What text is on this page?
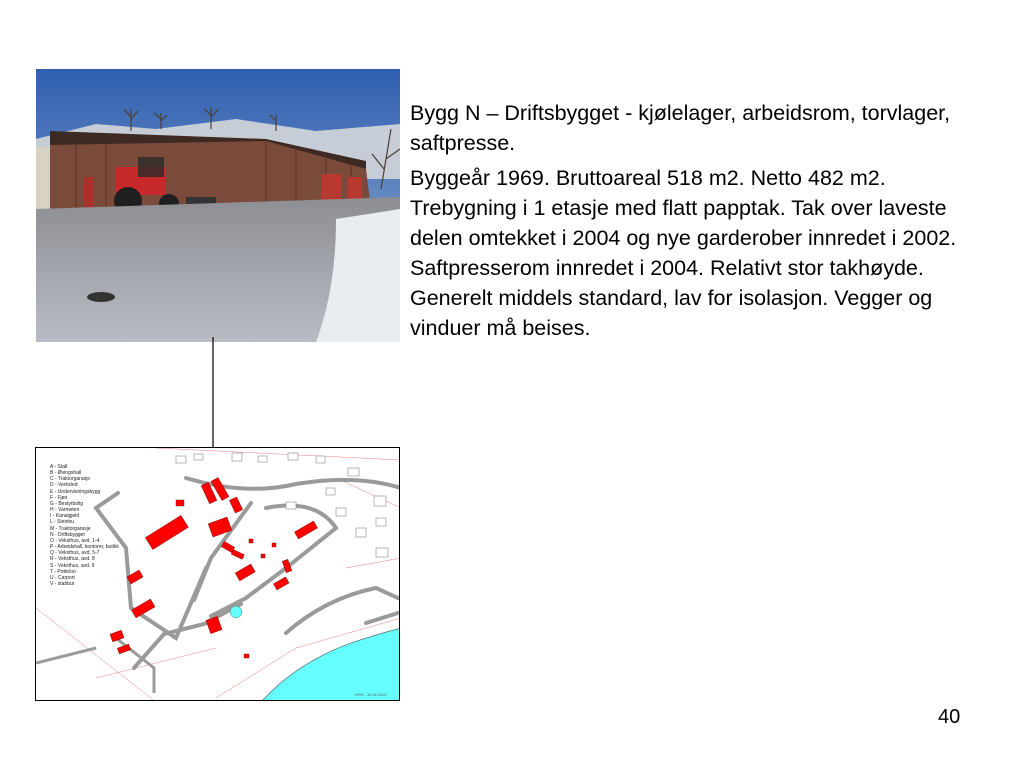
Bygg N – Driftsbygget - kjølelager, arbeidsrom, torvlager, saftpresse.

Byggeår 1969. Bruttoareal 518 m2. Netto 482 m2. Trebygning i 1 etasje med flatt papptak. Tak over laveste delen omtekket i 2004 og nye garderober innredet i 2002. Saftpresserom innredet i 2004. Relativt stor takhøyde. Generelt middels standard, lav for isolasjon. Vegger og vinduer må beises.

A - Stall
B - Øvingshall
C - Traktorgarasje
D - Verksted
E - Undervisningsbygg
F - Fjøs
G - Bestyrbolig
H - Varmeten
I - Kanalgjeld
L - Steinbu
M - Traktorgarasje
N - Driftsbygget
O - Veksthus, avd. 1-4
P - Arbeidshall, kontorer, butikk
Q - Veksthus, avd. 5-7
R - Veksthus, avd. 8
S - Veksthus, avd. 9
T - Potteloo
U - Carport
V - stabbur
KPH - 15.01.2007
40
